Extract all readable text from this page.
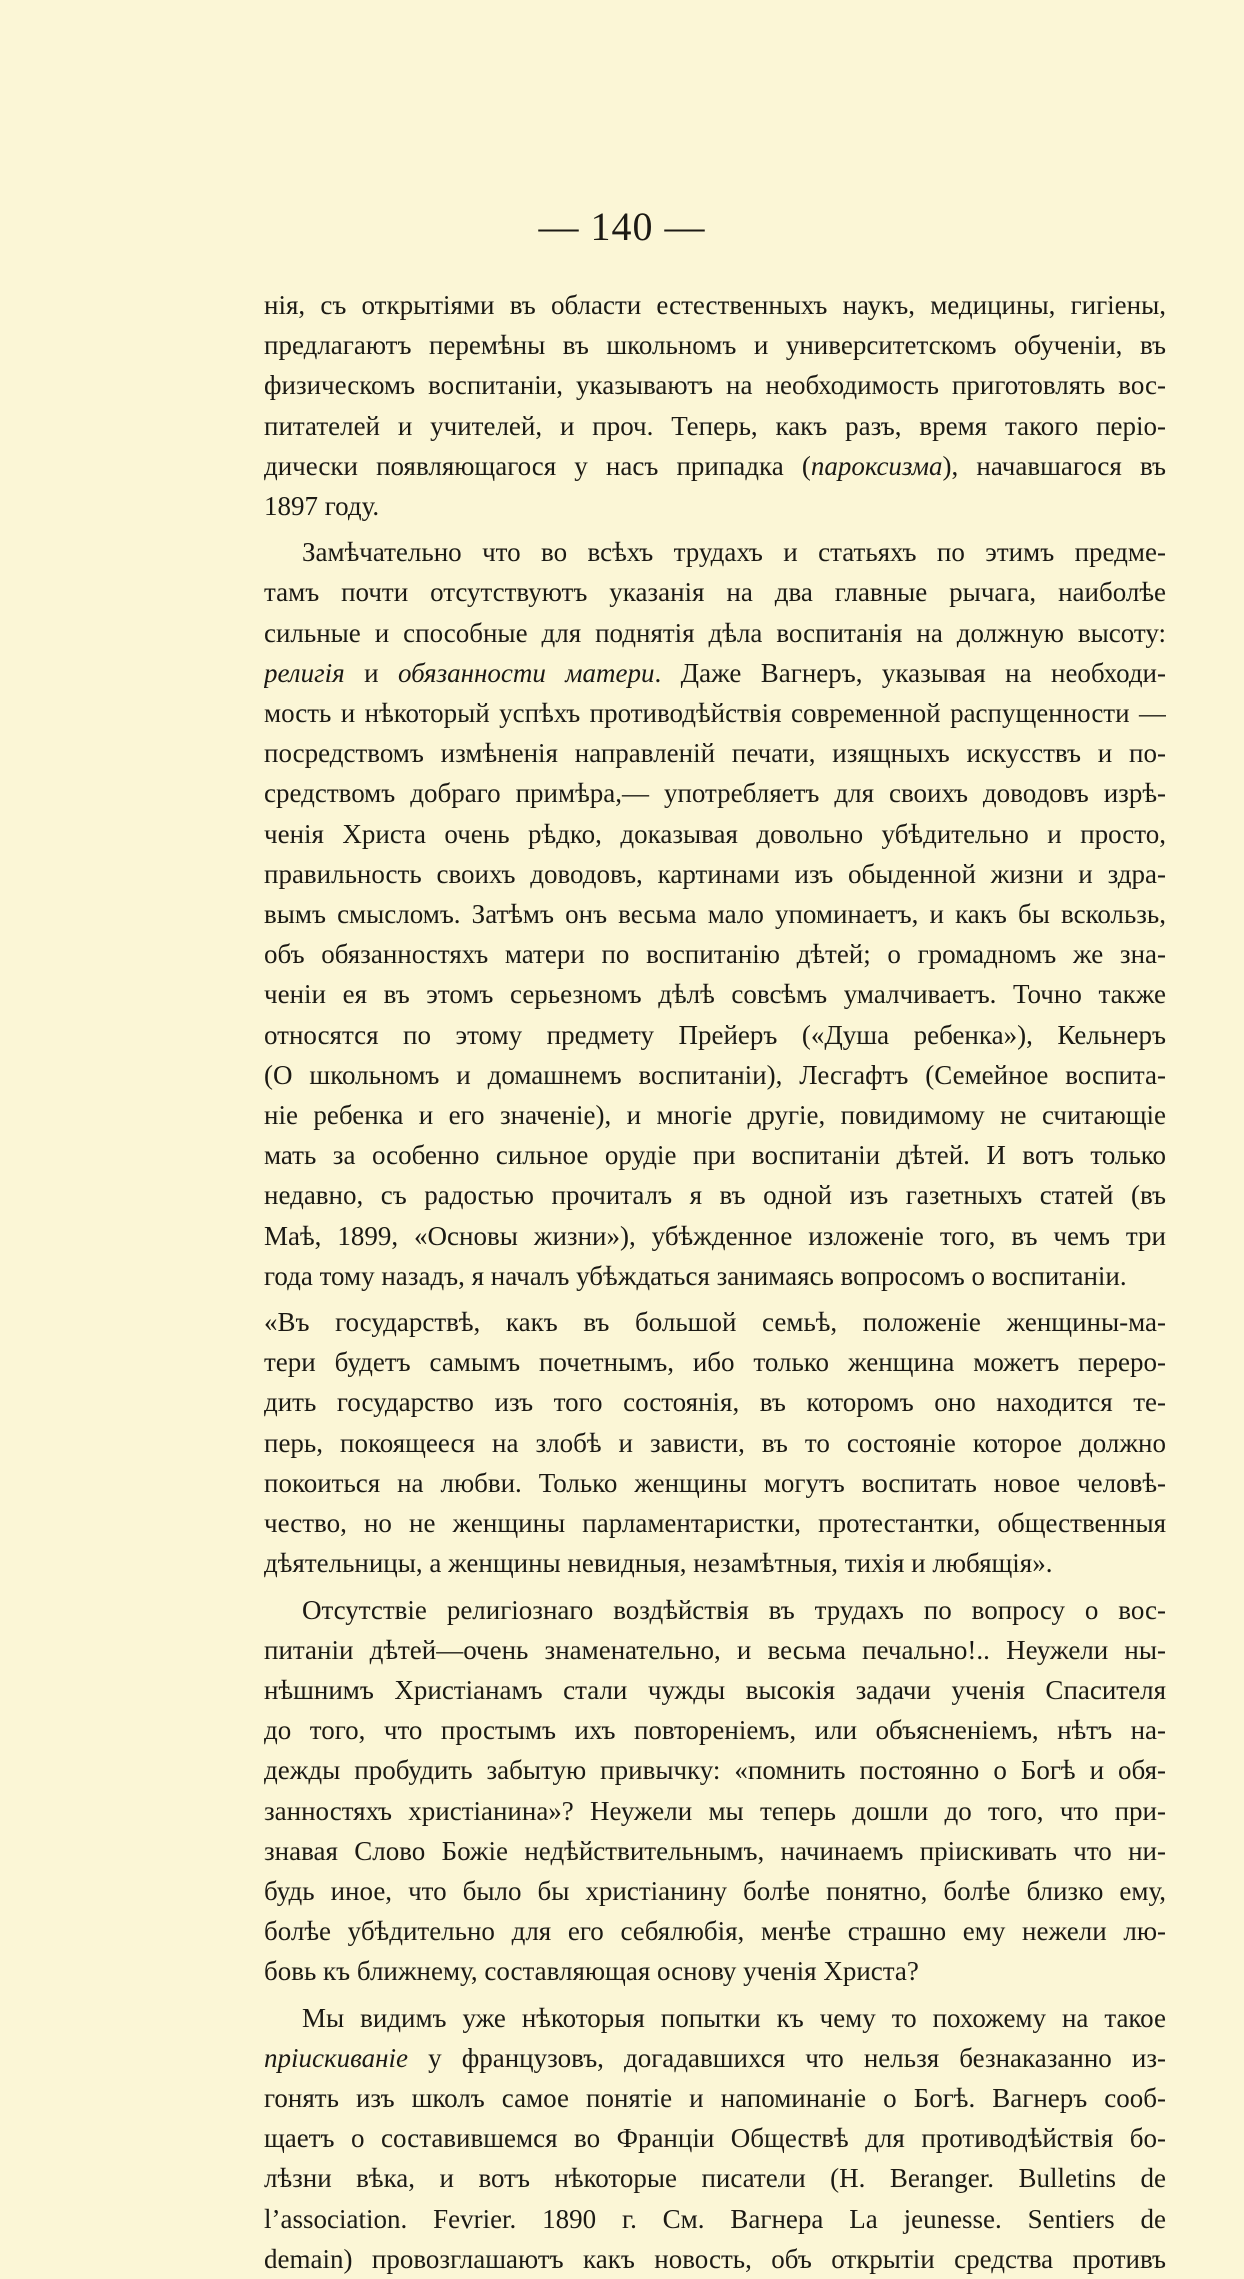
— 140 —
нія, съ открытіями въ области естественныхъ наукъ, медицины, гигіены,
предлагаютъ перемѣны въ школьномъ и университетскомъ обученіи, въ
физическомъ воспитаніи, указываютъ на необходимость приготовлять вос-
питателей и учителей, и проч. Теперь, какъ разъ, время такого періо-
дически появляющагося у насъ припадка (пароксизма), начавшагося въ
1897 году.
Замѣчательно что во всѣхъ трудахъ и статьяхъ по этимъ предме-
тамъ почти отсутствуютъ указанія на два главные рычага, наиболѣе
сильные и способные для поднятія дѣла воспитанія на должную высоту:
религія и обязанности матери. Даже Вагнеръ, указывая на необходи-
мость и нѣкоторый успѣхъ противодѣйствія современной распущенности —
посредствомъ измѣненія направленій печати, изящныхъ искусствъ и по-
средствомъ добраго примѣра,— употребляетъ для своихъ доводовъ изрѣ-
ченія Христа очень рѣдко, доказывая довольно убѣдительно и просто,
правильность своихъ доводовъ, картинами изъ обыденной жизни и здра-
вымъ смысломъ. Затѣмъ онъ весьма мало упоминаетъ, и какъ бы вскользь,
объ обязанностяхъ матери по воспитанію дѣтей; о громадномъ же зна-
ченіи ея въ этомъ серьезномъ дѣлѣ совсѣмъ умалчиваетъ. Точно также
относятся по этому предмету Прейеръ («Душа ребенка»), Кельнеръ
(О школьномъ и домашнемъ воспитаніи), Лесгафтъ (Семейное воспита-
ніе ребенка и его значеніе), и многіе другіе, повидимому не считающіе
мать за особенно сильное орудіе при воспитаніи дѣтей. И вотъ только
недавно, съ радостью прочиталъ я въ одной изъ газетныхъ статей (въ
Маѣ, 1899, «Основы жизни»), убѣжденное изложеніе того, въ чемъ три
года тому назадъ, я началъ убѣждаться занимаясь вопросомъ о воспитаніи.
«Въ государствѣ, какъ въ большой семьѣ, положеніе женщины-ма-
тери будетъ самымъ почетнымъ, ибо только женщина можетъ переро-
дить государство изъ того состоянія, въ которомъ оно находится те-
перь, покоящееся на злобѣ и зависти, въ то состояніе которое должно
покоиться на любви. Только женщины могутъ воспитать новое человѣ-
чество, но не женщины парламентаристки, протестантки, общественныя
дѣятельницы, а женщины невидныя, незамѣтныя, тихія и любящія».
Отсутствіе религіознаго воздѣйствія въ трудахъ по вопросу о вос-
питаніи дѣтей—очень знаменательно, и весьма печально!.. Неужели ны-
нѣшнимъ Христіанамъ стали чужды высокія задачи ученія Спасителя
до того, что простымъ ихъ повтореніемъ, или объясненіемъ, нѣтъ на-
дежды пробудить забытую привычку: «помнить постоянно о Богѣ и обя-
занностяхъ христіанина»? Неужели мы теперь дошли до того, что при-
знавая Слово Божіе недѣйствительнымъ, начинаемъ пріискивать что ни-
будь иное, что было бы христіанину болѣе понятно, болѣе близко ему,
болѣе убѣдительно для его себялюбія, менѣе страшно ему нежели лю-
бовь къ ближнему, составляющая основу ученія Христа?
Мы видимъ уже нѣкоторыя попытки къ чему то похожему на такое
пріискиваніе у французовъ, догадавшихся что нельзя безнаказанно из-
гонять изъ школъ самое понятіе и напоминаніе о Богѣ. Вагнеръ сооб-
щаетъ о составившемся во Франціи Обществѣ для противодѣйствія бо-
лѣзни вѣка, и вотъ нѣкоторые писатели (H. Beranger. Bulletins de
l’association. Fevrier. 1890 г. См. Вагнера La jeunesse. Sentiers de
demain) провозглашаютъ какъ новость, объ открытіи средства противъ
